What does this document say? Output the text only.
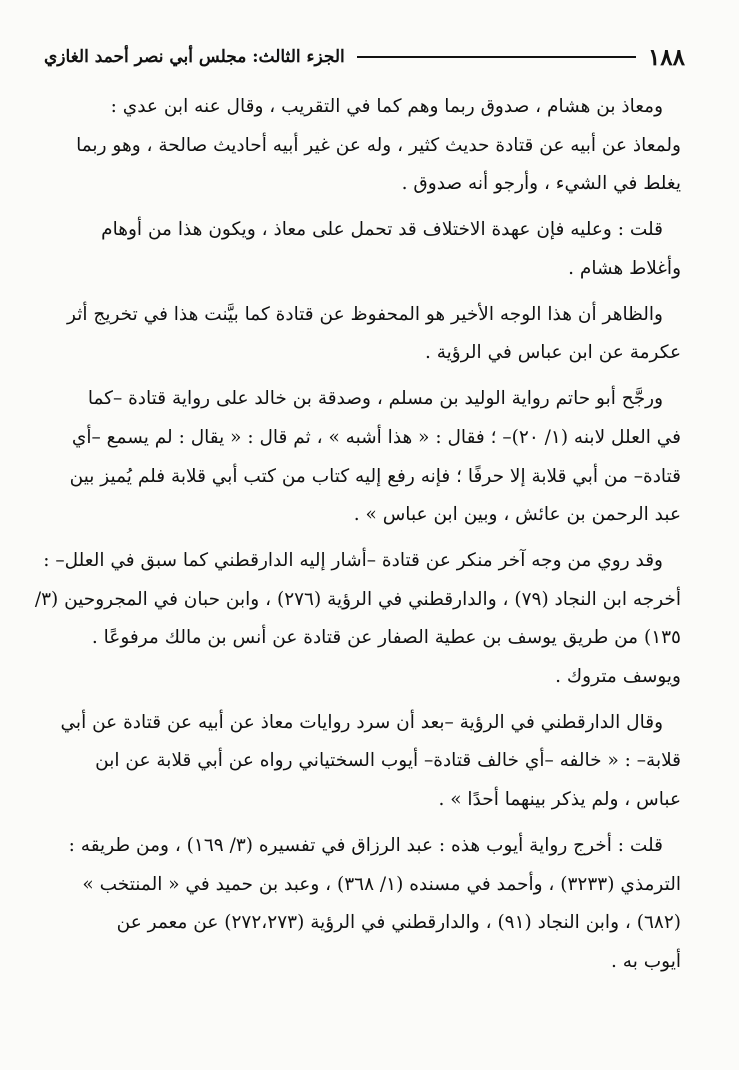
١٨٨
الجزء الثالث: مجلس أبي نصر أحمد الغازي

ومعاذ بن هشام ، صدوق ربما وهم كما في التقريب ، وقال عنه ابن عدي :
ولمعاذ عن أبيه عن قتادة حديث كثير ، وله عن غير أبيه أحاديث صالحة ، وهو ربما
يغلط في الشيء ، وأرجو أنه صدوق .

قلت : وعليه فإن عهدة الاختلاف قد تحمل على معاذ ، ويكون هذا من أوهام
وأغلاط هشام .

والظاهر أن هذا الوجه الأخير هو المحفوظ عن قتادة كما بيَّنت هذا في تخريج أثر
عكرمة عن ابن عباس في الرؤية .

ورجَّح أبو حاتم رواية الوليد بن مسلم ، وصدقة بن خالد على رواية قتادة –كما
في العلل لابنه (١/ ٢٠)– ؛ فقال : « هذا أشبه » ، ثم قال : « يقال : لم يسمع –أي
قتادة– من أبي قلابة إلا حرفًا ؛ فإنه رفع إليه كتاب من كتب أبي قلابة فلم يُميز بين
عبد الرحمن بن عائش ، وبين ابن عباس » .

وقد روي من وجه آخر منكر عن قتادة –أشار إليه الدارقطني كما سبق في العلل– :
أخرجه ابن النجاد (٧٩) ، والدارقطني في الرؤية (٢٧٦) ، وابن حبان في المجروحين (٣/
١٣٥) من طريق يوسف بن عطية الصفار عن قتادة عن أنس بن مالك مرفوعًا .
ويوسف متروك .

وقال الدارقطني في الرؤية –بعد أن سرد روايات معاذ عن أبيه عن قتادة عن أبي
قلابة– : « خالفه –أي خالف قتادة– أيوب السختياني رواه عن أبي قلابة عن ابن
عباس ، ولم يذكر بينهما أحدًا » .

قلت : أخرج رواية أيوب هذه : عبد الرزاق في تفسيره (٣/ ١٦٩) ، ومن طريقه :
الترمذي (٣٢٣٣) ، وأحمد في مسنده (١/ ٣٦٨) ، وعبد بن حميد في « المنتخب »
(٦٨٢) ، وابن النجاد (٩١) ، والدارقطني في الرؤية (٢٧٢،٢٧٣) عن معمر عن
أيوب به .
